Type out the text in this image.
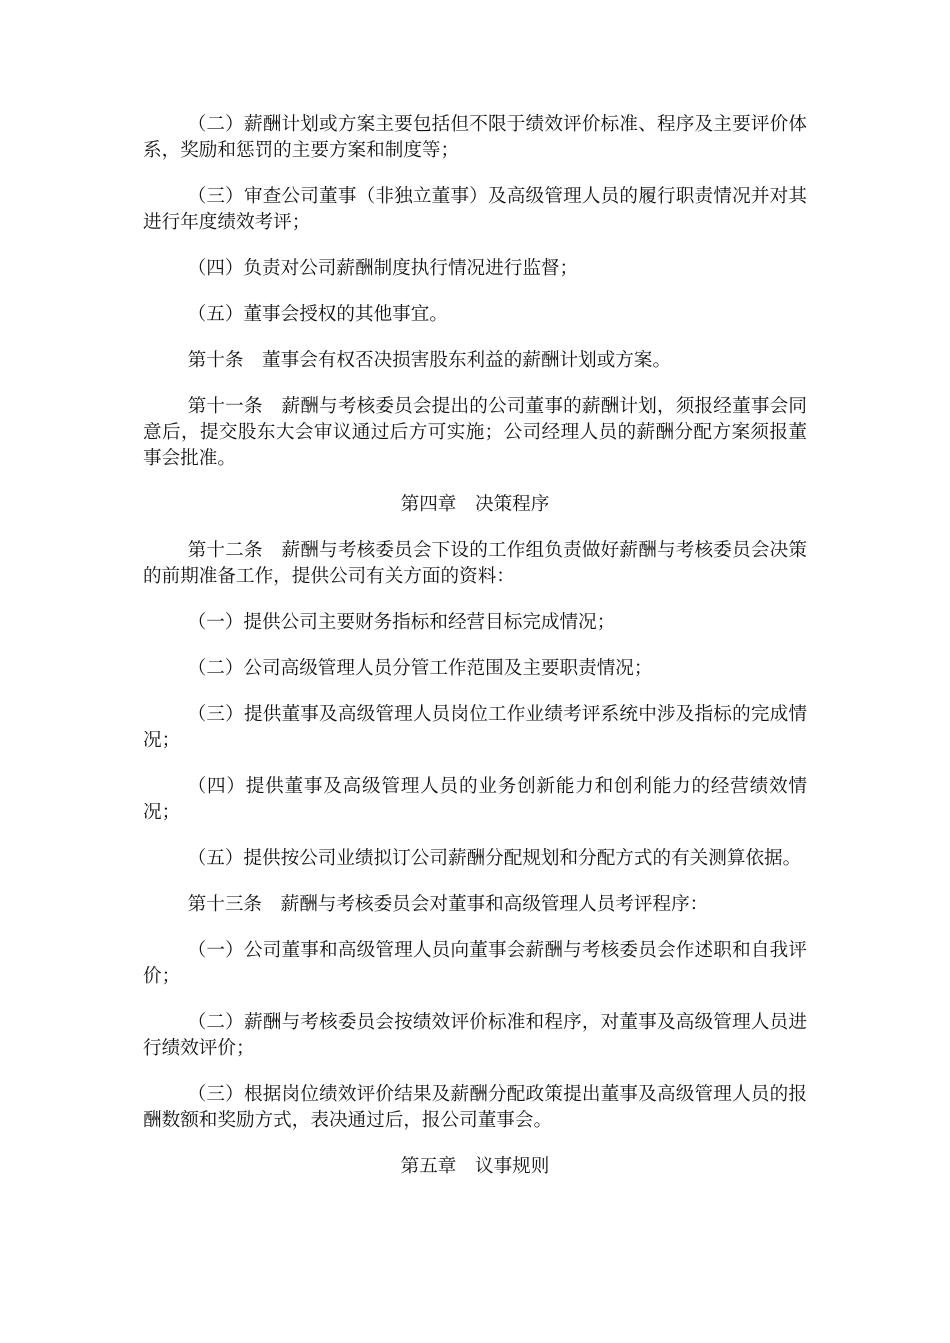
（二）薪酬计划或方案主要包括但不限于绩效评价标准、程序及主要评价体系，奖励和惩罚的主要方案和制度等；

（三）审查公司董事（非独立董事）及高级管理人员的履行职责情况并对其进行年度绩效考评；

（四）负责对公司薪酬制度执行情况进行监督；

（五）董事会授权的其他事宜。

第十条　董事会有权否决损害股东利益的薪酬计划或方案。

第十一条　薪酬与考核委员会提出的公司董事的薪酬计划，须报经董事会同意后，提交股东大会审议通过后方可实施；公司经理人员的薪酬分配方案须报董事会批准。

第四章　决策程序

第十二条　薪酬与考核委员会下设的工作组负责做好薪酬与考核委员会决策的前期准备工作，提供公司有关方面的资料：

（一）提供公司主要财务指标和经营目标完成情况；

（二）公司高级管理人员分管工作范围及主要职责情况；

（三）提供董事及高级管理人员岗位工作业绩考评系统中涉及指标的完成情况；

（四）提供董事及高级管理人员的业务创新能力和创利能力的经营绩效情况；

（五）提供按公司业绩拟订公司薪酬分配规划和分配方式的有关测算依据。

第十三条　薪酬与考核委员会对董事和高级管理人员考评程序：

（一）公司董事和高级管理人员向董事会薪酬与考核委员会作述职和自我评价；

（二）薪酬与考核委员会按绩效评价标准和程序，对董事及高级管理人员进行绩效评价；

（三）根据岗位绩效评价结果及薪酬分配政策提出董事及高级管理人员的报酬数额和奖励方式，表决通过后，报公司董事会。

第五章　议事规则
